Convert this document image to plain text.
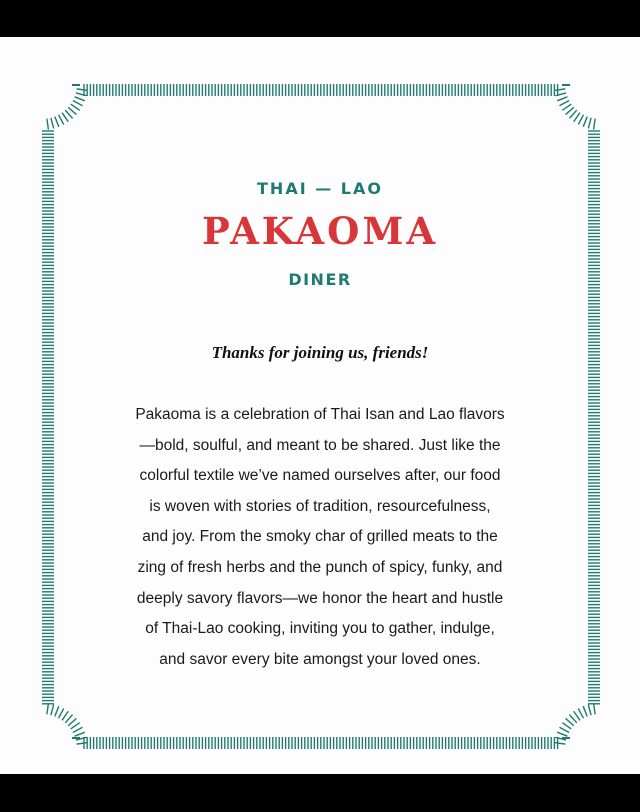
THAI — LAO
PAKAOMA
DINER
Thanks for joining us, friends!
Pakaoma is a celebration of Thai Isan and Lao flavors
—bold, soulful, and meant to be shared. Just like the
colorful textile we’ve named ourselves after, our food
is woven with stories of tradition, resourcefulness,
and joy. From the smoky char of grilled meats to the
zing of fresh herbs and the punch of spicy, funky, and
deeply savory flavors—we honor the heart and hustle
of Thai-Lao cooking, inviting you to gather, indulge,
and savor every bite amongst your loved ones.
